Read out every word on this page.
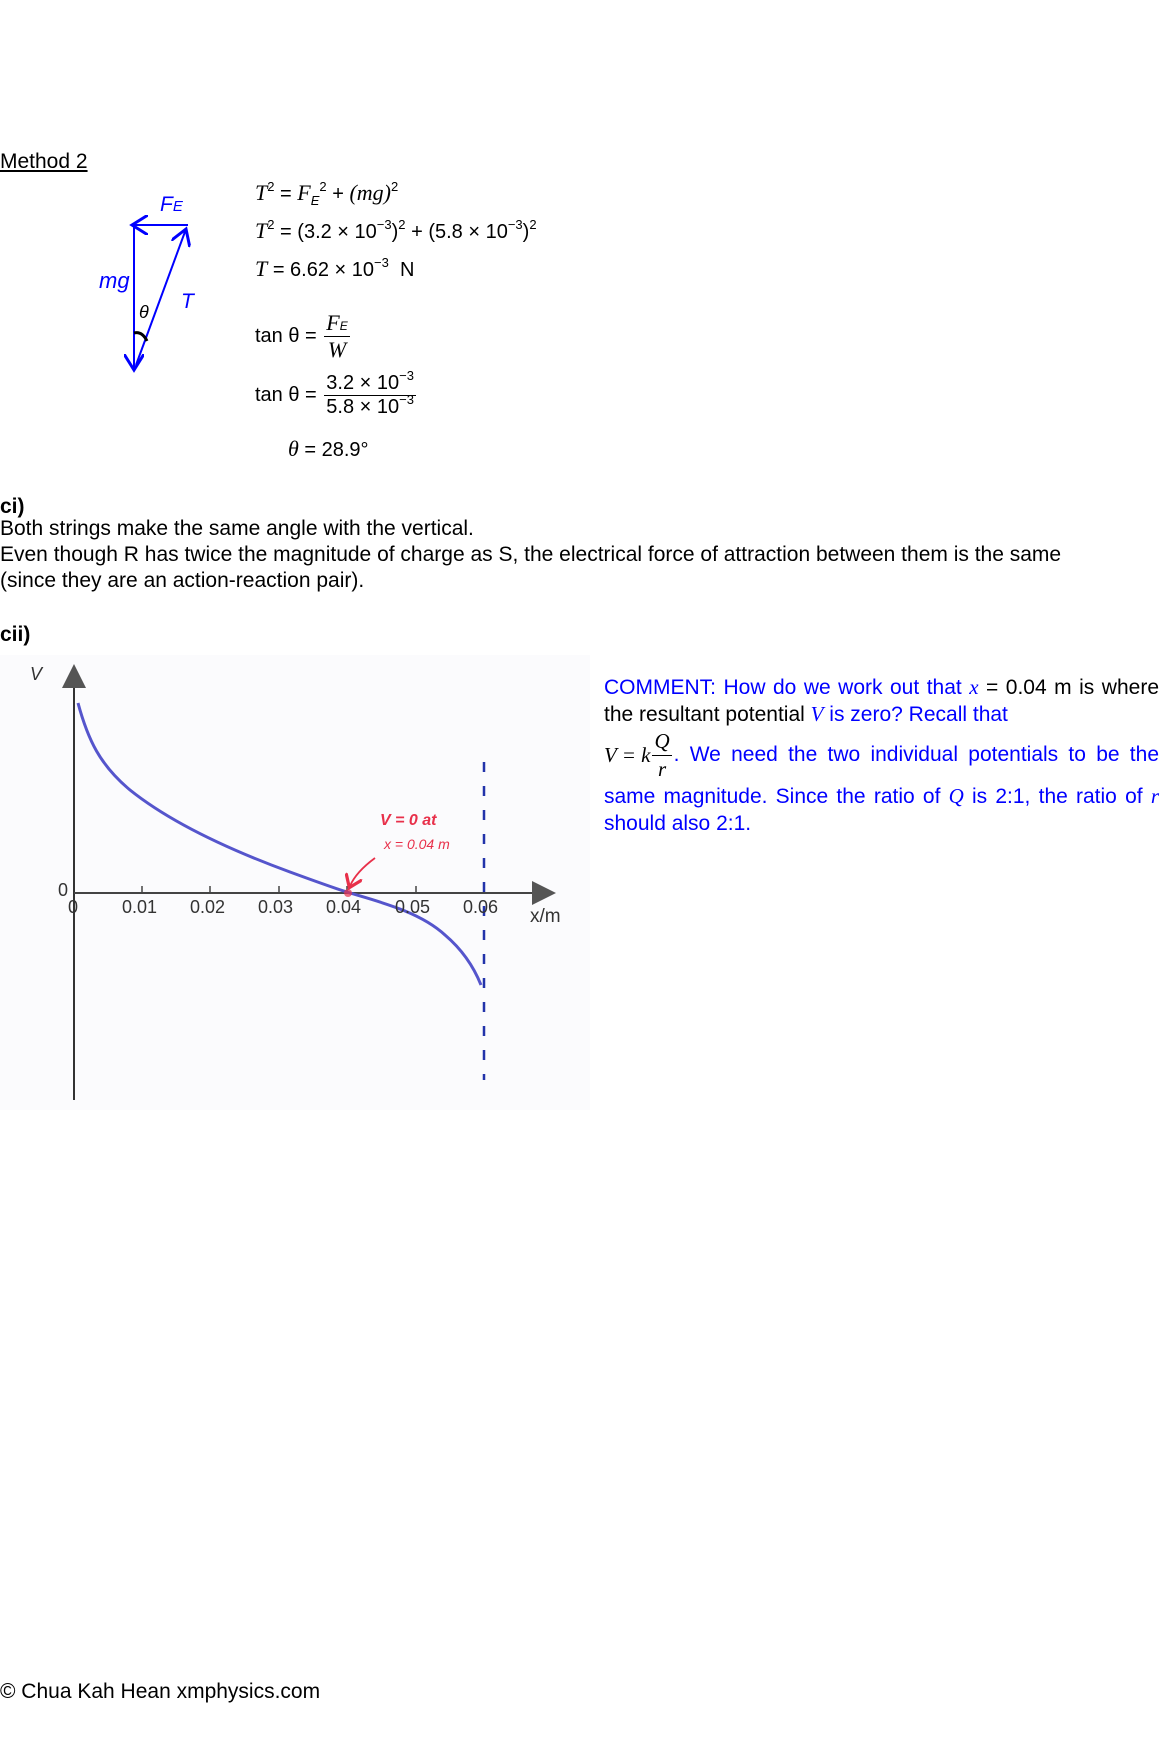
Method 2
FE
mg
T
θ
$T^2 = F_E^2 + (mg)^2$
$T^2 = (3.2 \times 10^{-3})^2 + (5.8 \times 10^{-3})^2$
$T = 6.62 \times 10^{-3}$ N
$\tan \theta = \frac{FE}{W}$
$\tan \theta = \frac{3.2 \times 10^{-3}}{5.8 \times 10^{-3}}$
θ = 28.9°
ci)
Both strings make the same angle with the vertical.
Even though R has twice the magnitude of charge as S, the electrical force of attraction between them is the same
(since they are an action-reaction pair).
cii)
V
0
0 0.01 0.02 0.03 0.04 0.05 0.06 x/m
V = 0 at
x = 0.04 m
COMMENT: How do we work out that x = 0.04 m is where the resultant potential V is zero? Recall that
V = k $\frac{Q}{r}$ . We need the two individual potentials to be the same magnitude. Since the ratio of Q is 2:1, the ratio of r should also 2:1.
© Chua Kah Hean xmphysics.com
